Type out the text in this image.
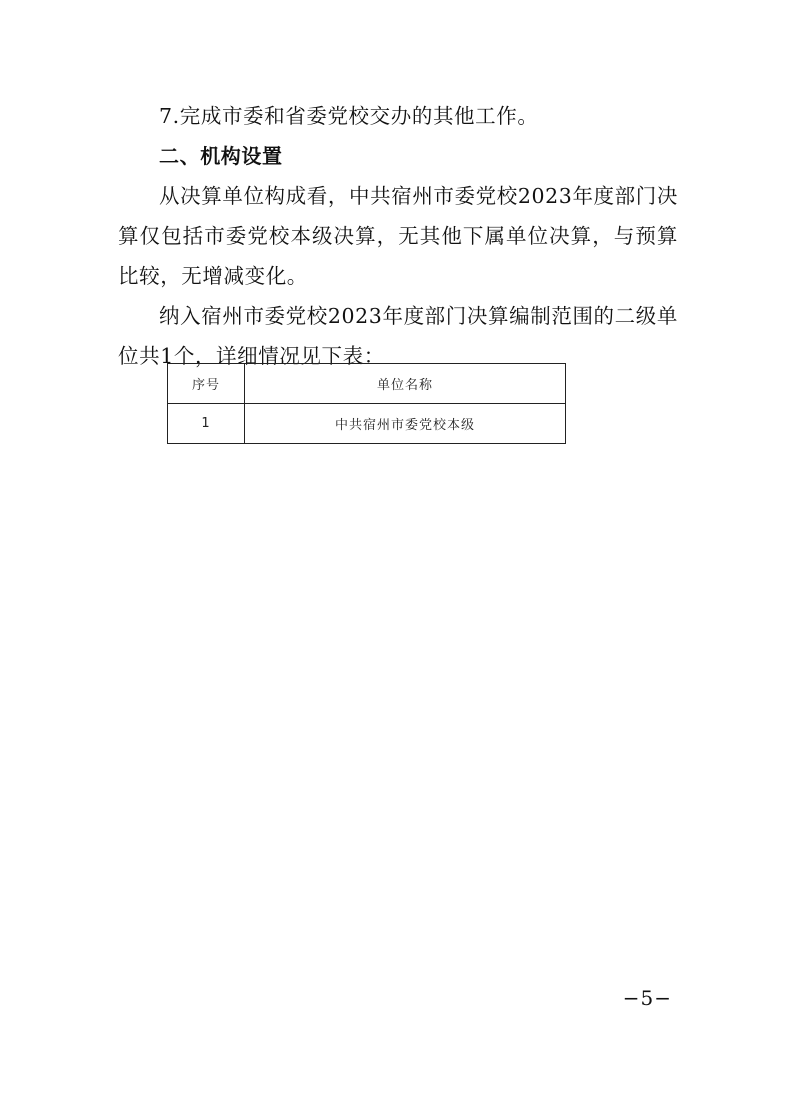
7.完成市委和省委党校交办的其他工作。

二、机构设置

从决算单位构成看，中共宿州市委党校2023年度部门决算仅包括市委党校本级决算，无其他下属单位决算，与预算比较，无增减变化。

纳入宿州市委党校2023年度部门决算编制范围的二级单位共1个，详细情况见下表：

序号	单位名称
1	中共宿州市委党校本级
−5−
